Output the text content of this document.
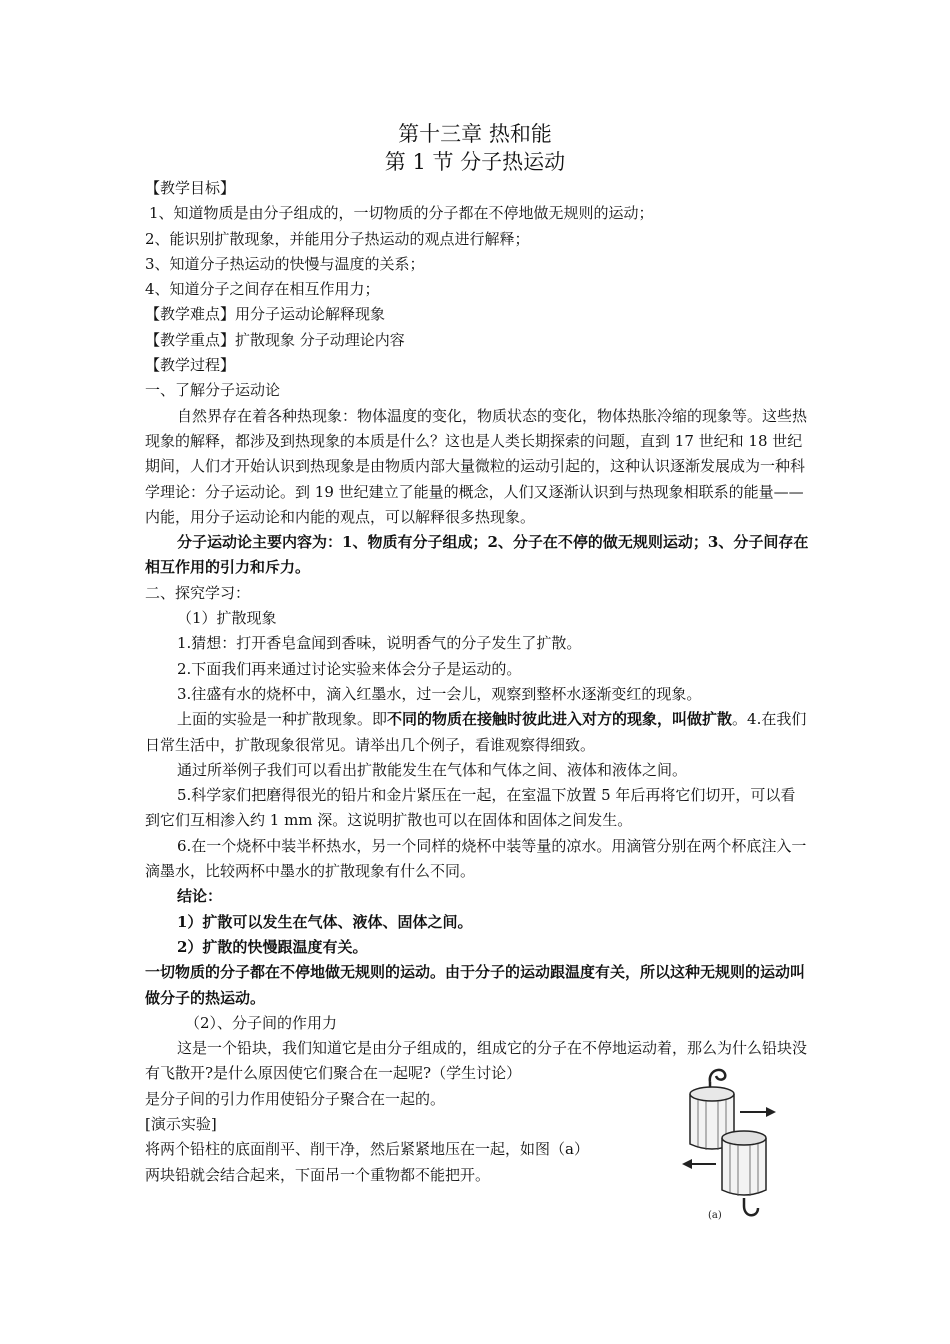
第十三章 热和能
第 1 节 分子热运动

【教学目标】

1、知道物质是由分子组成的，一切物质的分子都在不停地做无规则的运动；

2、能识别扩散现象，并能用分子热运动的观点进行解释；

3、知道分子热运动的快慢与温度的关系；

4、知道分子之间存在相互作用力；

【教学难点】用分子运动论解释现象

【教学重点】扩散现象 分子动理论内容

【教学过程】

一、了解分子运动论

自然界存在着各种热现象：物体温度的变化，物质状态的变化，物体热胀冷缩的现象等。这些热现象的解释，都涉及到热现象的本质是什么？这也是人类长期探索的问题，直到 17 世纪和 18 世纪期间，人们才开始认识到热现象是由物质内部大量微粒的运动引起的，这种认识逐渐发展成为一种科学理论：分子运动论。到 19 世纪建立了能量的概念，人们又逐渐认识到与热现象相联系的能量——内能，用分子运动论和内能的观点，可以解释很多热现象。

分子运动论主要内容为：1、物质有分子组成；2、分子在不停的做无规则运动；3、分子间存在相互作用的引力和斥力。

二、探究学习：

（1）扩散现象

1.猜想：打开香皂盒闻到香味，说明香气的分子发生了扩散。

2.下面我们再来通过讨论实验来体会分子是运动的。

3.往盛有水的烧杯中，滴入红墨水，过一会儿，观察到整杯水逐渐变红的现象。

上面的实验是一种扩散现象。即不同的物质在接触时彼此进入对方的现象，叫做扩散。4.在我们日常生活中，扩散现象很常见。请举出几个例子，看谁观察得细致。

通过所举例子我们可以看出扩散能发生在气体和气体之间、液体和液体之间。

5.科学家们把磨得很光的铅片和金片紧压在一起，在室温下放置 5 年后再将它们切开，可以看到它们互相渗入约 1 mm 深。这说明扩散也可以在固体和固体之间发生。

6.在一个烧杯中装半杯热水，另一个同样的烧杯中装等量的凉水。用滴管分别在两个杯底注入一滴墨水，比较两杯中墨水的扩散现象有什么不同。

结论：

1）扩散可以发生在气体、液体、固体之间。

2）扩散的快慢跟温度有关。

一切物质的分子都在不停地做无规则的运动。由于分子的运动跟温度有关，所以这种无规则的运动叫做分子的热运动。

（2）、分子间的作用力

这是一个铅块，我们知道它是由分子组成的，组成它的分子在不停地运动着，那么为什么铅块没有飞散开?是什么原因使它们聚合在一起呢?（学生讨论）

是分子间的引力作用使铅分子聚合在一起的。

[演示实验]

将两个铅柱的底面削平、削干净，然后紧紧地压在一起，如图（a）两块铅就会结合起来，下面吊一个重物都不能把开。

(a)
